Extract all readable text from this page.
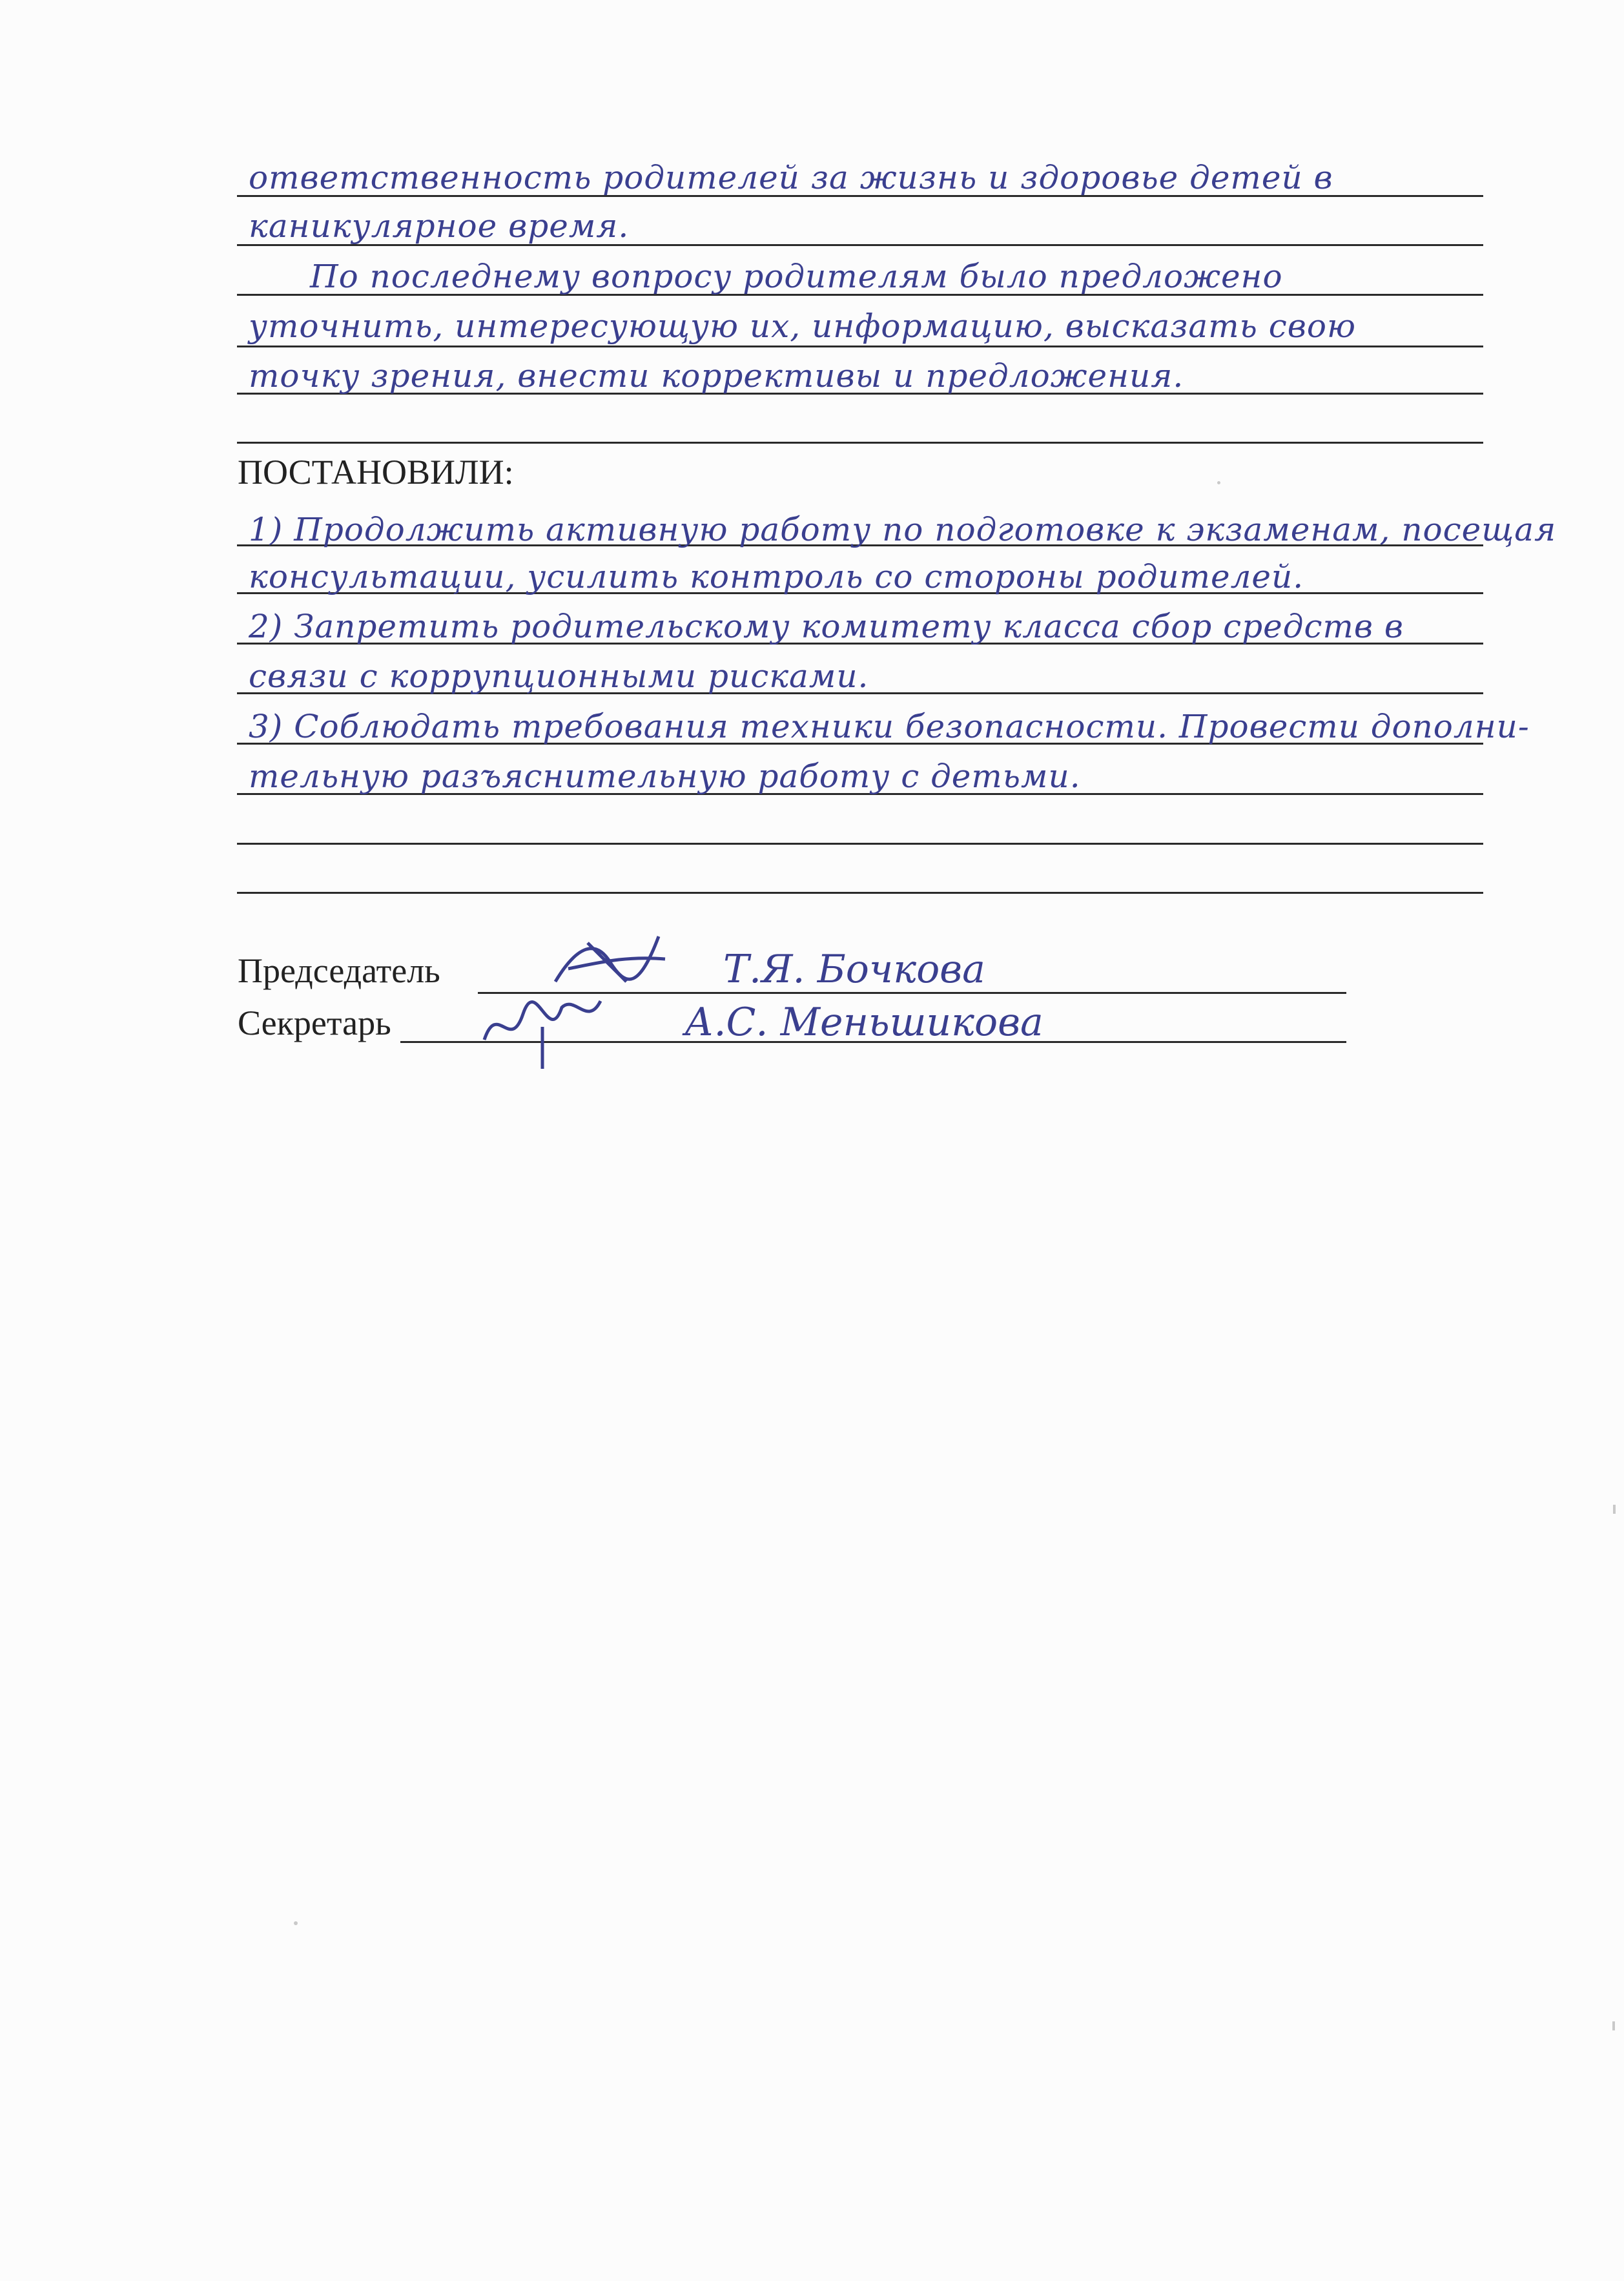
ответственность родителей за жизнь и здоровье детей в
каникулярное время.
По последнему вопросу родителям было предложено
уточнить, интересующую их, информацию, высказать свою
точку зрения, внести коррективы и предложения.
ПОСТАНОВИЛИ:
1) Продолжить активную работу по подготовке к экзаменам, посещая
консультации, усилить контроль со стороны родителей.
2) Запретить родительскому комитету класса сбор средств в
связи с коррупционными рисками.
3) Соблюдать требования техники безопасности. Провести дополни-
тельную разъяснительную работу с детьми.
Председатель	Т.Я. Бочкова
Секретарь	А.С. Меньшикова
